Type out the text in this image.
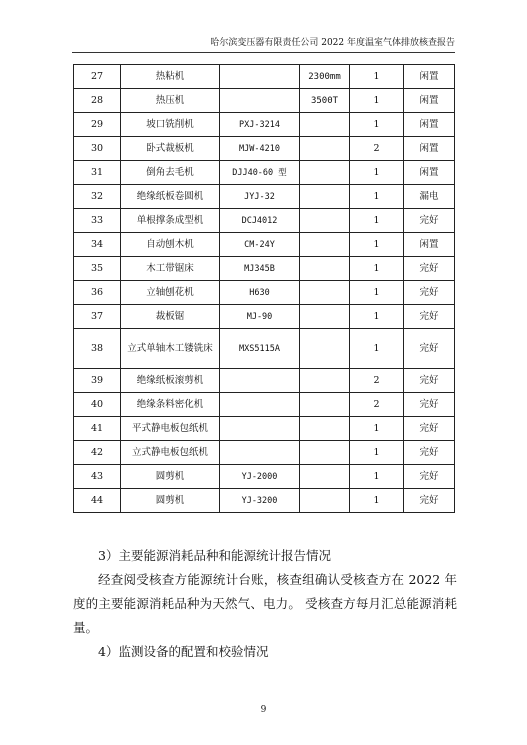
哈尔滨变压器有限责任公司 2022 年度温室气体排放核查报告
27	热粘机		2300mm	1	闲置
28	热压机		3500T	1	闲置
29	坡口铣削机	PXJ-3214		1	闲置
30	卧式裁板机	MJW-4210		2	闲置
31	倒角去毛机	DJJ40-60 型		1	闲置
32	绝缘纸板卷圆机	JYJ-32		1	漏电
33	单根撑条成型机	DCJ4012		1	完好
34	自动刨木机	CM-24Y		1	闲置
35	木工带锯床	MJ345B		1	完好
36	立轴刨花机	H630		1	完好
37	裁板锯	MJ-90		1	完好
38	立式单轴木工镂铣床	MXS5115A		1	完好
39	绝缘纸板滚剪机			2	完好
40	绝缘条料密化机			2	完好
41	平式静电板包纸机			1	完好
42	立式静电板包纸机			1	完好
43	圆剪机	YJ-2000		1	完好
44	圆剪机	YJ-3200		1	完好

3）主要能源消耗品种和能源统计报告情况

经查阅受核查方能源统计台账，核查组确认受核查方在 2022 年度的主要能源消耗品种为天然气、电力。 受核查方每月汇总能源消耗量。

4）监测设备的配置和校验情况

9
